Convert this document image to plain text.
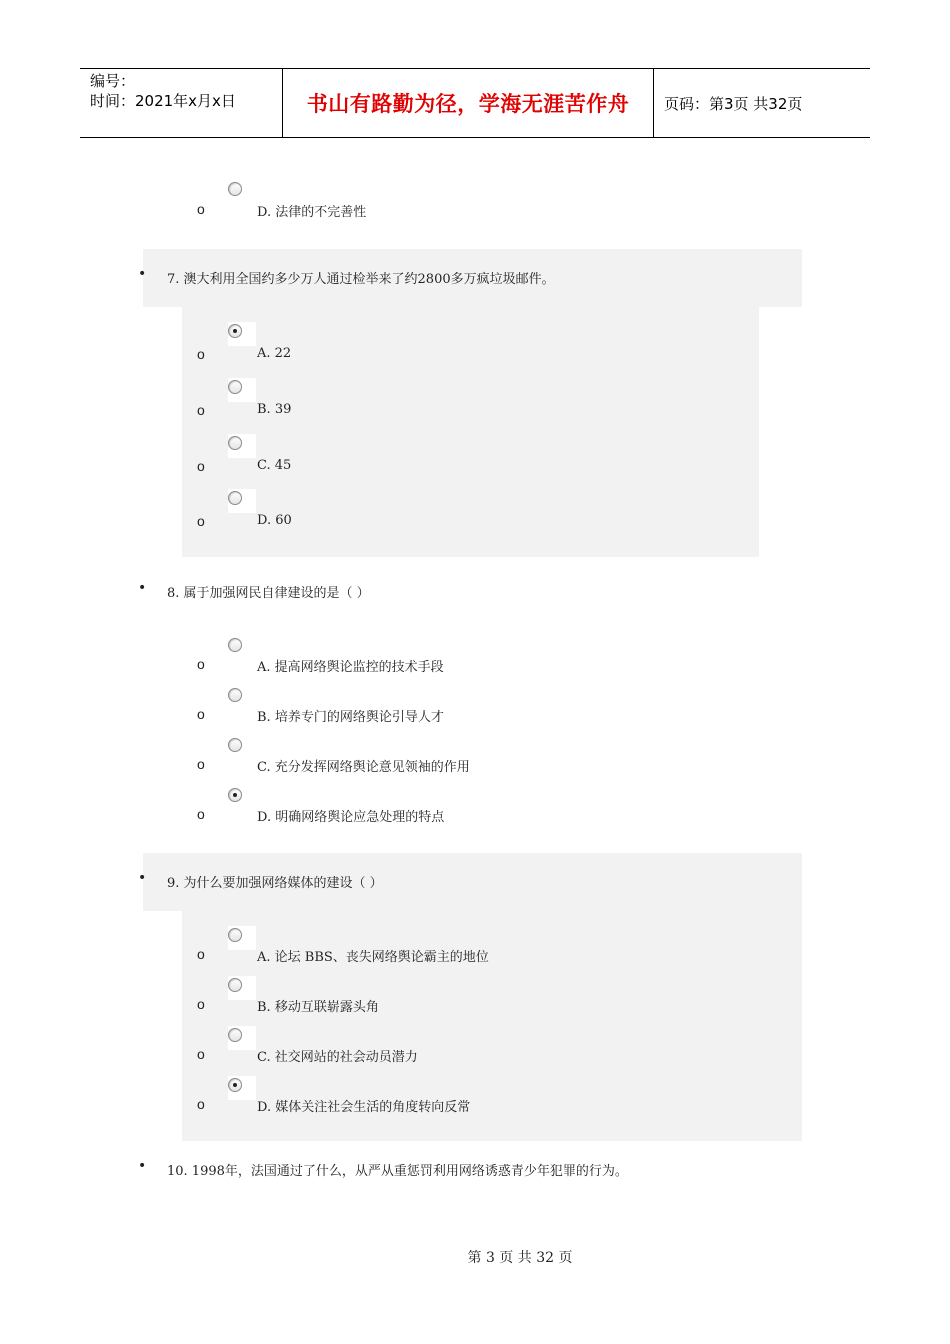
编号：
时间：2021年x月x日	书山有路勤为径，学海无涯苦作舟	页码：第3页 共32页
o	D. 法律的不完善性
• 7. 澳大利用全国约多少万人通过检举来了约2800多万疯垃圾邮件。
o	A. 22
o	B. 39
o	C. 45
o	D. 60
• 8. 属于加强网民自律建设的是（ ）
o	A. 提高网络舆论监控的技术手段
o	B. 培养专门的网络舆论引导人才
o	C. 充分发挥网络舆论意见领袖的作用
o	D. 明确网络舆论应急处理的特点
• 9. 为什么要加强网络媒体的建设（ ）
o	A. 论坛 BBS、丧失网络舆论霸主的地位
o	B. 移动互联崭露头角
o	C. 社交网站的社会动员潜力
o	D. 媒体关注社会生活的角度转向反常
• 10. 1998年，法国通过了什么，从严从重惩罚利用网络诱惑青少年犯罪的行为。
第 3 页 共 32 页
